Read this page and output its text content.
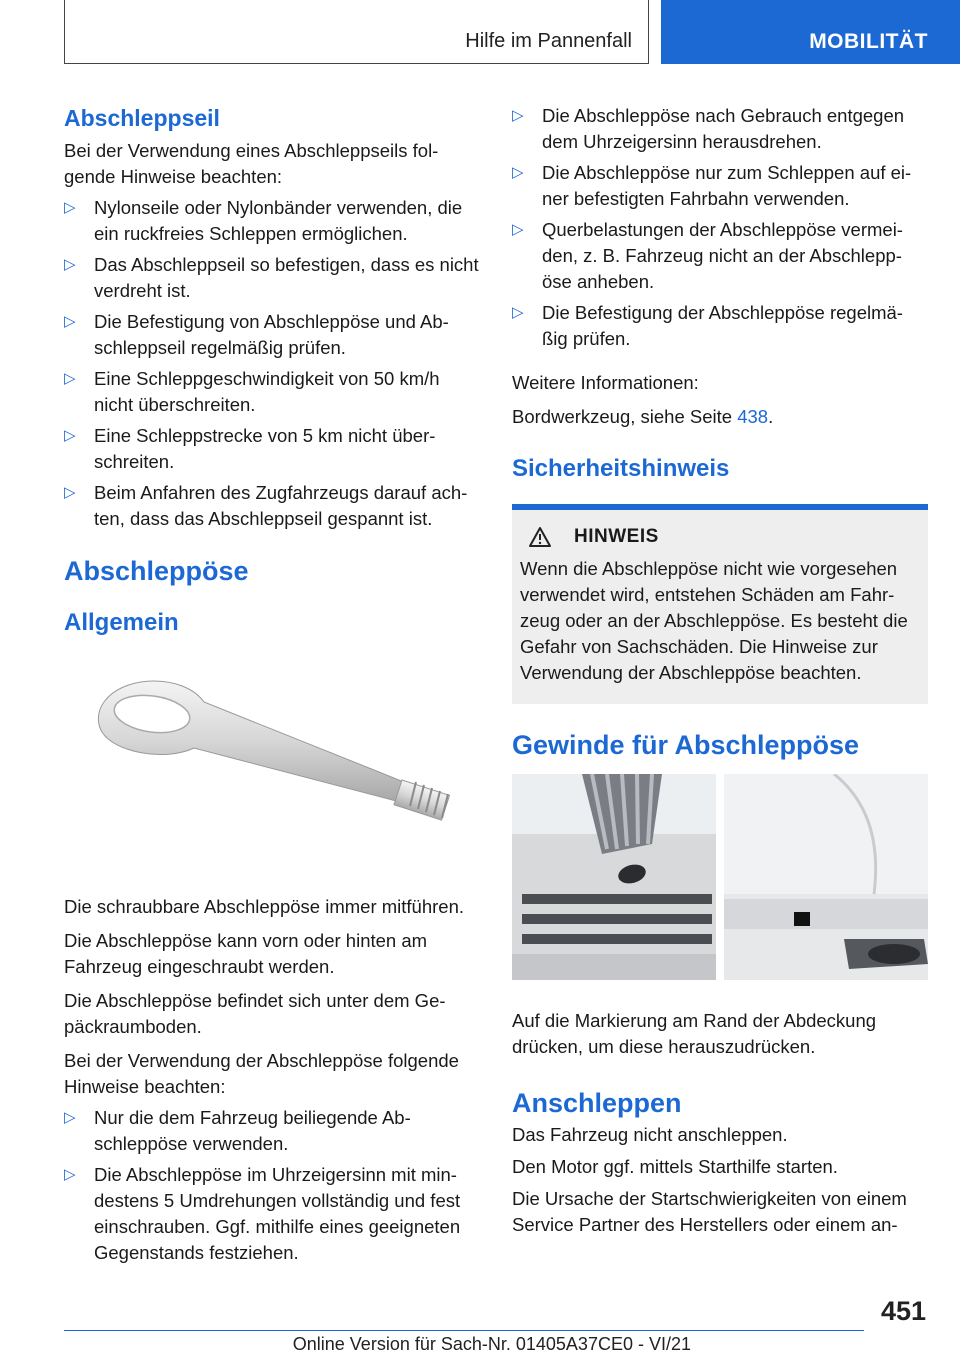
Hilfe im Pannenfall	MOBILITÄT
Abschleppseil

Bei der Verwendung eines Abschleppseils fol-gende Hinweise beachten:

▷ Nylonseile oder Nylonbänder verwenden, die ein ruckfreies Schleppen ermöglichen.
▷ Das Abschleppseil so befestigen, dass es nicht verdreht ist.
▷ Die Befestigung von Abschleppöse und Ab-schleppseil regelmäßig prüfen.
▷ Eine Schleppgeschwindigkeit von 50 km/h nicht überschreiten.
▷ Eine Schleppstrecke von 5 km nicht über-schreiten.
▷ Beim Anfahren des Zugfahrzeugs darauf ach-ten, dass das Abschleppseil gespannt ist.
Abschleppöse
Allgemein

Die schraubbare Abschleppöse immer mitführen.

Die Abschleppöse kann vorn oder hinten am Fahrzeug eingeschraubt werden.

Die Abschleppöse befindet sich unter dem Ge-päckraumboden.

Bei der Verwendung der Abschleppöse folgende Hinweise beachten:

▷ Nur die dem Fahrzeug beiliegende Ab-schleppöse verwenden.
▷ Die Abschleppöse im Uhrzeigersinn mit min-destens 5 Umdrehungen vollständig und fest einschrauben. Ggf. mithilfe eines geeigneten Gegenstands festziehen.
▷ Die Abschleppöse nach Gebrauch entgegen dem Uhrzeigersinn herausdrehen.
▷ Die Abschleppöse nur zum Schleppen auf ei-ner befestigten Fahrbahn verwenden.
▷ Querbelastungen der Abschleppöse vermei-den, z. B. Fahrzeug nicht an der Abschlepp-öse anheben.
▷ Die Befestigung der Abschleppöse regelmä-ßig prüfen.

Weitere Informationen:

Bordwerkzeug, siehe Seite 438.

Sicherheitshinweis
HINWEIS

Wenn die Abschleppöse nicht wie vorgesehen verwendet wird, entstehen Schäden am Fahr-zeug oder an der Abschleppöse. Es besteht die Gefahr von Sachschäden. Die Hinweise zur Verwendung der Abschleppöse beachten.

Gewinde für Abschleppöse

Auf die Markierung am Rand der Abdeckung drücken, um diese herauszudrücken.

Anschleppen

Das Fahrzeug nicht anschleppen.

Den Motor ggf. mittels Starthilfe starten.

Die Ursache der Startschwierigkeiten von einem Service Partner des Herstellers oder einem an-

451
Online Version für Sach-Nr. 01405A37CE0 - VI/21
